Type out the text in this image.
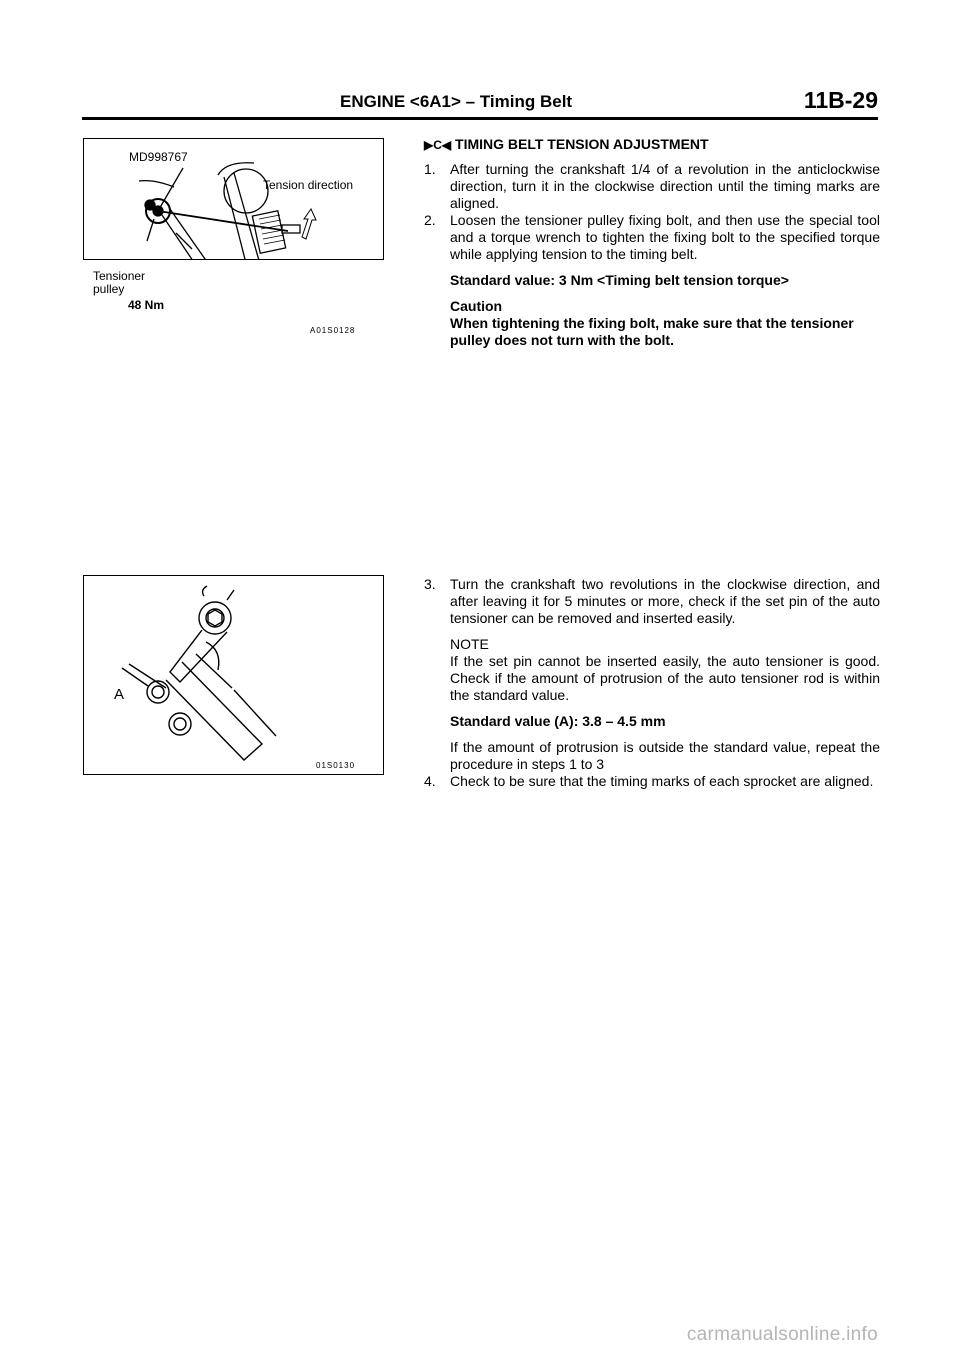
ENGINE <6A1> – Timing Belt	11B-29
MD998767
Tension direction
Tensioner
pulley
48 Nm
A01S0128
A
01S0130
▶C◀ TIMING BELT TENSION ADJUSTMENT
1. After turning the crankshaft 1/4 of a revolution in the anticlockwise direction, turn it in the clockwise direction until the timing marks are aligned.
2. Loosen the tensioner pulley fixing bolt, and then use the special tool and a torque wrench to tighten the fixing bolt to the specified torque while applying tension to the timing belt.
Standard value: 3 Nm <Timing belt tension torque>
Caution
When tightening the fixing bolt, make sure that the tensioner pulley does not turn with the bolt.
3. Turn the crankshaft two revolutions in the clockwise direction, and after leaving it for 5 minutes or more, check if the set pin of the auto tensioner can be removed and inserted easily.
NOTE
If the set pin cannot be inserted easily, the auto tensioner is good. Check if the amount of protrusion of the auto tensioner rod is within the standard value.
Standard value (A): 3.8 – 4.5 mm
If the amount of protrusion is outside the standard value, repeat the procedure in steps 1 to 3
4. Check to be sure that the timing marks of each sprocket are aligned.
carmanualsonline.info
